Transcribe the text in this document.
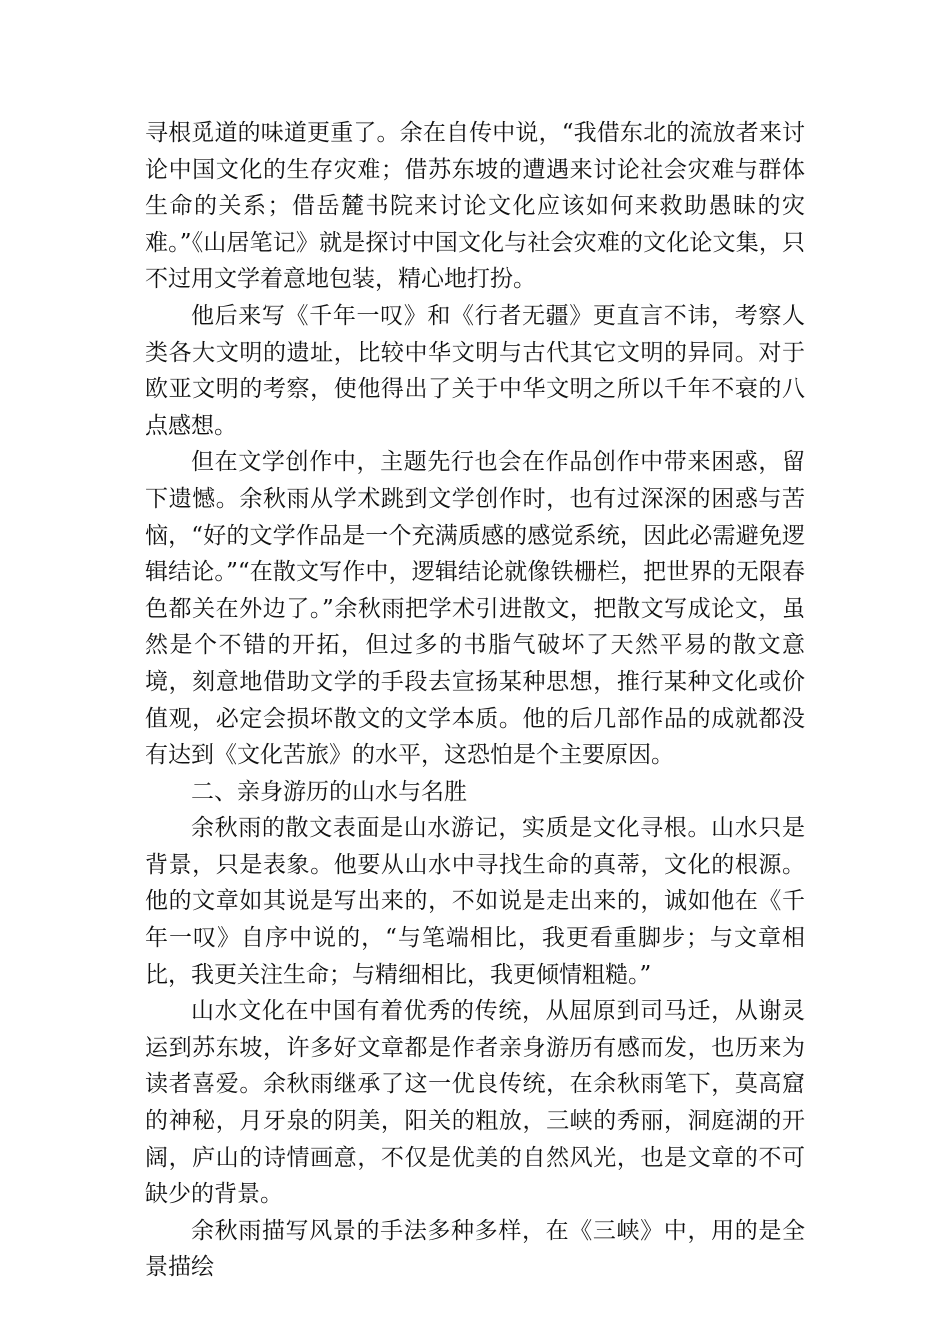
寻根觅道的味道更重了。余在自传中说，“我借东北的流放者来讨论中国文化的生存灾难；借苏东坡的遭遇来讨论社会灾难与群体生命的关系；借岳麓书院来讨论文化应该如何来救助愚昧的灾难。”《山居笔记》就是探讨中国文化与社会灾难的文化论文集，只不过用文学着意地包装，精心地打扮。

他后来写《千年一叹》和《行者无疆》更直言不讳，考察人类各大文明的遗址，比较中华文明与古代其它文明的异同。对于欧亚文明的考察，使他得出了关于中华文明之所以千年不衰的八点感想。

但在文学创作中，主题先行也会在作品创作中带来困惑，留下遗憾。余秋雨从学术跳到文学创作时，也有过深深的困惑与苦恼，“好的文学作品是一个充满质感的感觉系统，因此必需避免逻辑结论。”“在散文写作中，逻辑结论就像铁栅栏，把世界的无限春色都关在外边了。”余秋雨把学术引进散文，把散文写成论文，虽然是个不错的开拓，但过多的书脂气破坏了天然平易的散文意境，刻意地借助文学的手段去宣扬某种思想，推行某种文化或价值观，必定会损坏散文的文学本质。他的后几部作品的成就都没有达到《文化苦旅》的水平，这恐怕是个主要原因。

二、亲身游历的山水与名胜

余秋雨的散文表面是山水游记，实质是文化寻根。山水只是背景，只是表象。他要从山水中寻找生命的真蒂，文化的根源。他的文章如其说是写出来的，不如说是走出来的，诚如他在《千年一叹》自序中说的，“与笔端相比，我更看重脚步；与文章相比，我更关注生命；与精细相比，我更倾情粗糙。”

山水文化在中国有着优秀的传统，从屈原到司马迁，从谢灵运到苏东坡，许多好文章都是作者亲身游历有感而发，也历来为读者喜爱。余秋雨继承了这一优良传统，在余秋雨笔下，莫高窟的神秘，月牙泉的阴美，阳关的粗放，三峡的秀丽，洞庭湖的开阔，庐山的诗情画意，不仅是优美的自然风光，也是文章的不可缺少的背景。

余秋雨描写风景的手法多种多样，在《三峡》中，用的是全景描绘
